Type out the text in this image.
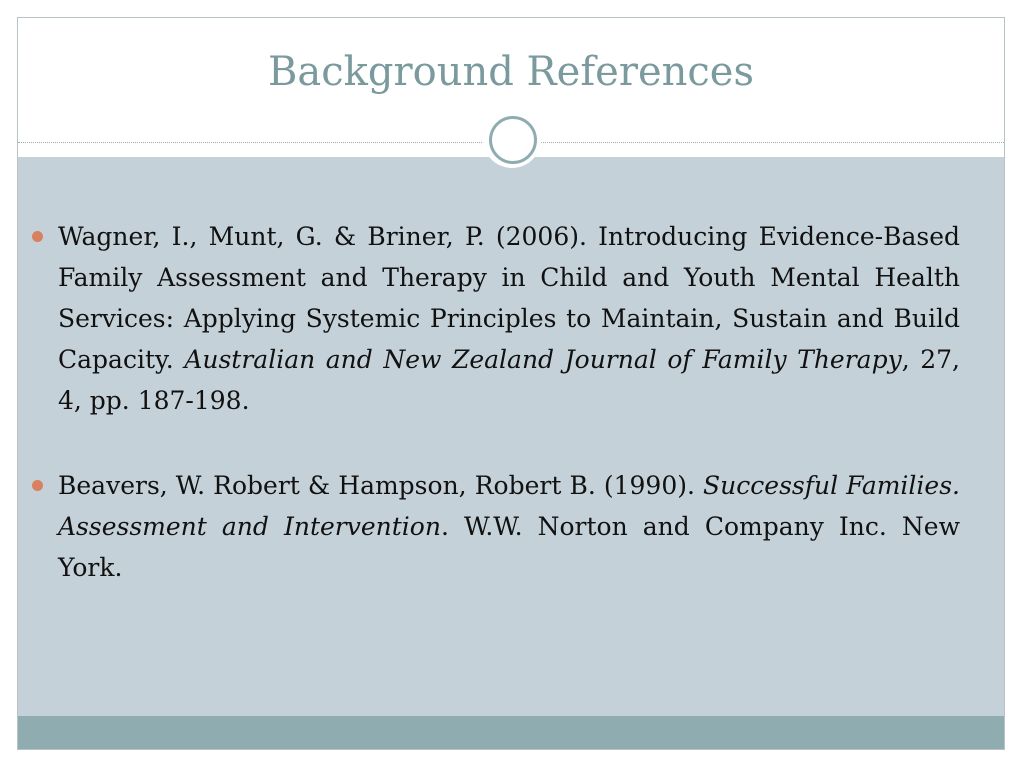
Background References
Wagner, I., Munt, G. & Briner, P. (2006). Introducing Evidence-Based Family Assessment and Therapy in Child and Youth Mental Health Services: Applying Systemic Principles to Maintain, Sustain and Build Capacity. Australian and New Zealand Journal of Family Therapy, 27, 4, pp. 187-198.
Beavers, W. Robert & Hampson, Robert B. (1990). Successful Families. Assessment and Intervention. W.W. Norton and Company Inc. New York.
